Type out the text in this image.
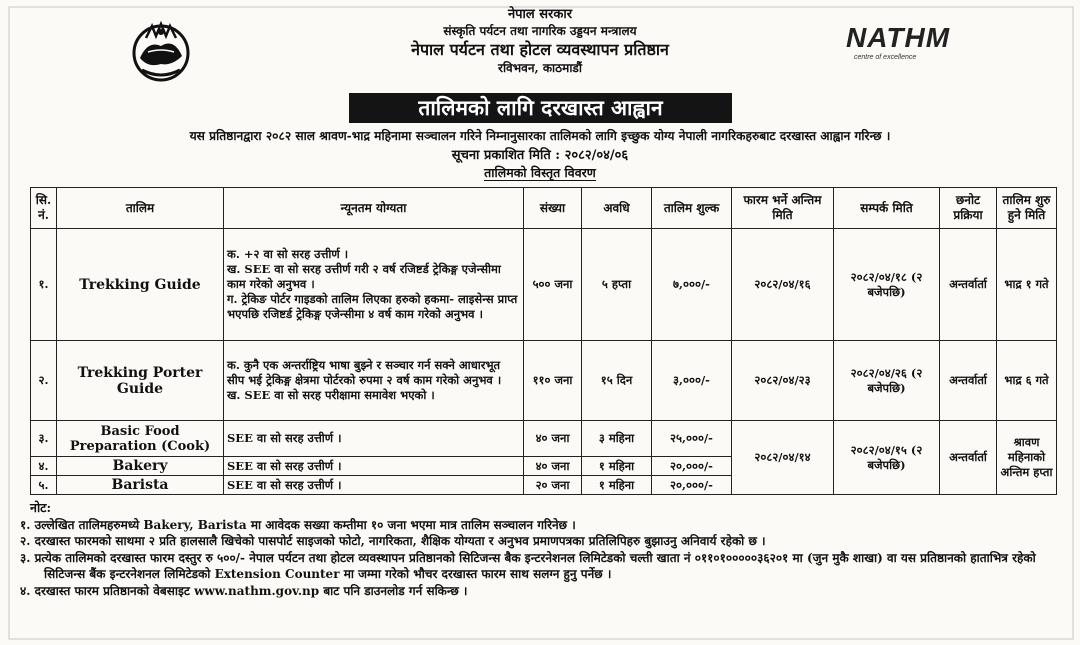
NATHM
centre of excellence
नेपाल सरकार
संस्कृति पर्यटन तथा नागरिक उड्डयन मन्त्रालय
नेपाल पर्यटन तथा होटल व्यवस्थापन प्रतिष्ठान
रविभवन, काठमाडौं
तालिमको लागि दरखास्त आह्वान
यस प्रतिष्ठानद्वारा २०८२ साल श्रावण-भाद्र महिनामा सञ्चालन गरिने निम्नानुसारका तालिमको लागि इच्छुक योग्य नेपाली नागरिकहरुबाट दरखास्त आह्वान गरिन्छ ।
सूचना प्रकाशित मिति : २०८२/०४/०६
तालिमको विस्तृत विवरण
सि. नं.	तालिम	न्यूनतम योग्यता	संख्या	अवधि	तालिम शुल्क	फारम भर्ने अन्तिम मिति	सम्पर्क मिति	छनोट प्रक्रिया	तालिम शुरु हुने मिति
१.	Trekking Guide	क. +२ वा सो सरह उत्तीर्ण ।
ख. SEE वा सो सरह उत्तीर्ण गरी २ वर्ष रजिष्टर्ड ट्रेकिङ्ग एजेन्सीमा काम गरेको अनुभव ।
ग. ट्रेकिङ पोर्टर गाइडको तालिम लिएका हरुको हकमा- लाइसेन्स प्राप्त भएपछि रजिष्टर्ड ट्रेकिङ्ग एजेन्सीमा ४ वर्ष काम गरेको अनुभव ।	५०० जना	५ हप्ता	७,०००/-	२०८२/०४/१६	२०८२/०४/१८ (२ बजेपछि)	अन्तर्वार्ता	भाद्र १ गते
२.	Trekking Porter Guide	क. कुनै एक अन्तर्राष्ट्रिय भाषा बुझ्ने र सञ्चार गर्न सक्ने आधारभूत सीप भई ट्रेकिङ्ग क्षेत्रमा पोर्टरको रुपमा २ वर्ष काम गरेको अनुभव ।
ख. SEE वा सो सरह परीक्षामा समावेश भएको ।	११० जना	१५ दिन	३,०००/-	२०८२/०४/२३	२०८२/०४/२६ (२ बजेपछि)	अन्तर्वार्ता	भाद्र ६ गते
३.	Basic Food Preparation (Cook)	SEE वा सो सरह उत्तीर्ण ।	४० जना	३ महिना	२५,०००/-	२०८२/०४/१४	२०८२/०४/१५ (२ बजेपछि)	अन्तर्वार्ता	श्रावण महिनाको अन्तिम हप्ता
४.	Bakery	SEE वा सो सरह उत्तीर्ण ।	४० जना	१ महिना	२०,०००/-				
५.	Barista	SEE वा सो सरह उत्तीर्ण ।	२० जना	१ महिना	२०,०००/-				
नोट:
१. उल्लेखित तालिमहरुमध्ये Bakery, Barista मा आवेदक सख्या कम्तीमा १० जना भएमा मात्र तालिम सञ्चालन गरिनेछ ।
२. दरखास्त फारमको साथमा २ प्रति हालसालै खिचेको पासपोर्ट साइजको फोटो, नागरिकता, शैक्षिक योग्यता र अनुभव प्रमाणपत्रका प्रतिलिपिहरु बुझाउनु अनिवार्य रहेको छ ।
३. प्रत्येक तालिमको दरखास्त फारम दस्तुर रु ५००/- नेपाल पर्यटन तथा होटल व्यवस्थापन प्रतिष्ठानको सिटिजन्स बैक इन्टरनेशनल लिमिटेडको चल्ती खाता नं ०११०१०००००३६२०१ मा (जुन मुकै शाखा) वा यस प्रतिष्ठानको हाताभित्र रहेको सिटिजन्स बैंक इन्टरनेशनल लिमिटेडको Extension Counter मा जम्मा गरेको भौचर दरखास्त फारम साथ सलग्न हुनु पर्नेछ ।
४. दरखास्त फारम प्रतिष्ठानको वेबसाइट www.nathm.gov.np बाट पनि डाउनलोड गर्न सकिन्छ ।
